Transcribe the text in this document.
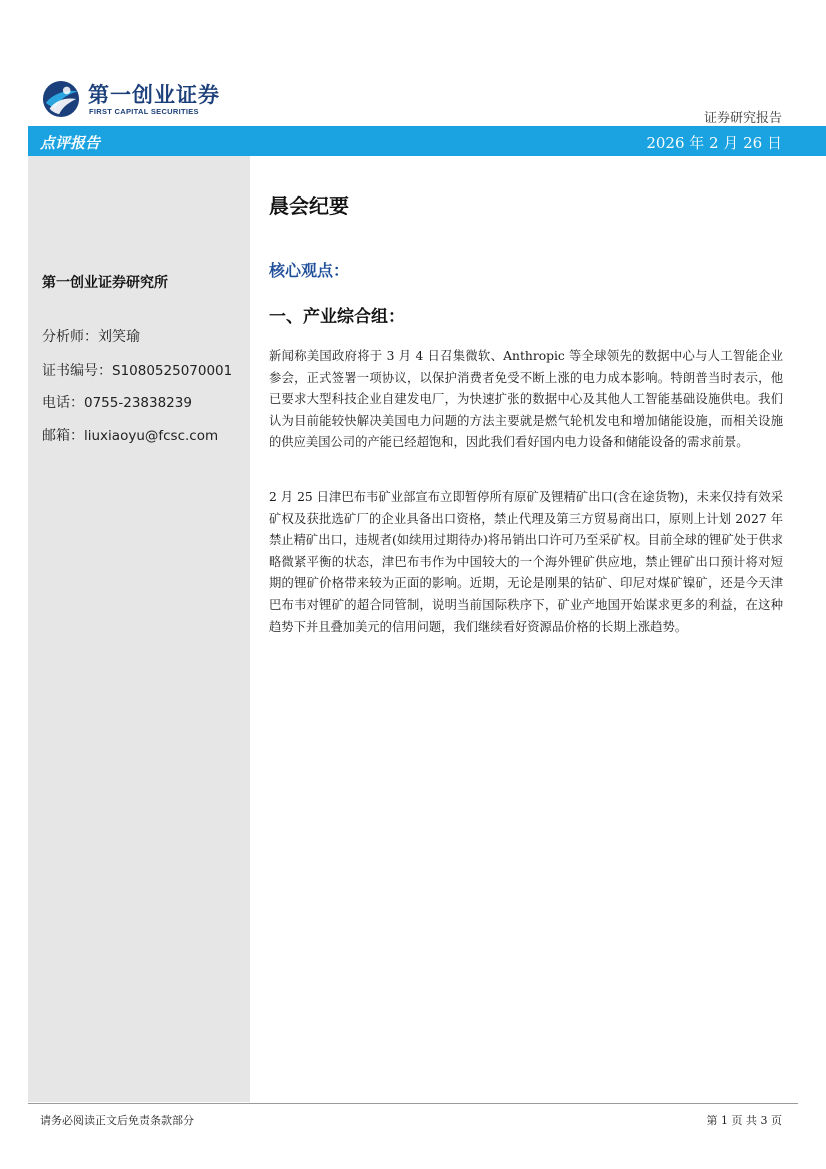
第一创业证券
FIRST CAPITAL SECURITIES	证券研究报告
点评报告	2026 年 2 月 26 日
第一创业证券研究所
分析师：刘笑瑜
证书编号：S1080525070001
电话：0755-23838239
邮箱：liuxiaoyu@fcsc.com
晨会纪要
核心观点：
一、产业综合组：

新闻称美国政府将于 3 月 4 日召集微软、Anthropic 等全球领先的数据中心与人工智能企业参会，正式签署一项协议，以保护消费者免受不断上涨的电力成本影响。特朗普当时表示，他已要求大型科技企业自建发电厂，为快速扩张的数据中心及其他人工智能基础设施供电。我们认为目前能较快解决美国电力问题的方法主要就是燃气轮机发电和增加储能设施，而相关设施的供应美国公司的产能已经超饱和，因此我们看好国内电力设备和储能设备的需求前景。

2 月 25 日津巴布韦矿业部宣布立即暂停所有原矿及锂精矿出口(含在途货物)，未来仅持有效采矿权及获批选矿厂的企业具备出口资格，禁止代理及第三方贸易商出口，原则上计划 2027 年禁止精矿出口，违规者(如续用过期待办)将吊销出口许可乃至采矿权。目前全球的锂矿处于供求略微紧平衡的状态，津巴布韦作为中国较大的一个海外锂矿供应地，禁止锂矿出口预计将对短期的锂矿价格带来较为正面的影响。近期，无论是刚果的钴矿、印尼对煤矿镍矿，还是今天津巴布韦对锂矿的超合同管制，说明当前国际秩序下，矿业产地国开始谋求更多的利益，在这种趋势下并且叠加美元的信用问题，我们继续看好资源品价格的长期上涨趋势。

请务必阅读正文后免责条款部分	第 1 页 共 3 页
